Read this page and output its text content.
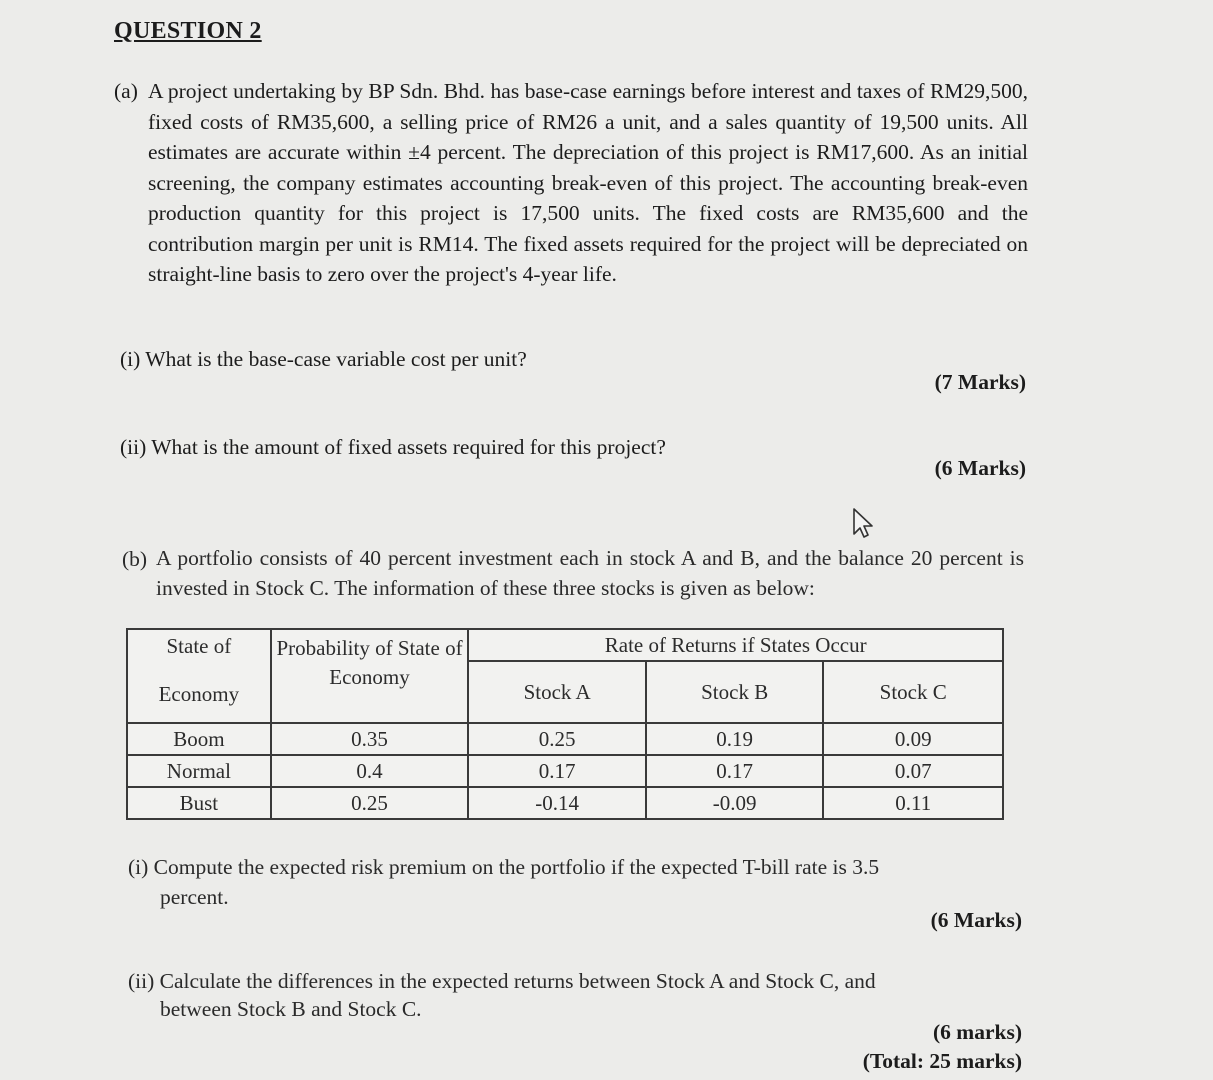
QUESTION 2
(a) A project undertaking by BP Sdn. Bhd. has base-case earnings before interest and taxes of RM29,500, fixed costs of RM35,600, a selling price of RM26 a unit, and a sales quantity of 19,500 units. All estimates are accurate within ±4 percent. The depreciation of this project is RM17,600. As an initial screening, the company estimates accounting break-even of this project. The accounting break-even production quantity for this project is 17,500 units. The fixed costs are RM35,600 and the contribution margin per unit is RM14. The fixed assets required for the project will be depreciated on straight-line basis to zero over the project's 4-year life.
(i) What is the base-case variable cost per unit?
(7 Marks)
(ii) What is the amount of fixed assets required for this project?
(6 Marks)
(b) A portfolio consists of 40 percent investment each in stock A and B, and the balance 20 percent is invested in Stock C. The information of these three stocks is given as below:
State of
Economy	Probability of State of Economy	Rate of Returns if States Occur		
		Stock A	Stock B	Stock C
Boom	0.35	0.25	0.19	0.09
Normal	0.4	0.17	0.17	0.07
Bust	0.25	-0.14	-0.09	0.11
(i) Compute the expected risk premium on the portfolio if the expected T-bill rate is 3.5
percent.
(6 Marks)
(ii) Calculate the differences in the expected returns between Stock A and Stock C, and
between Stock B and Stock C.
(6 marks)
(Total: 25 marks)
